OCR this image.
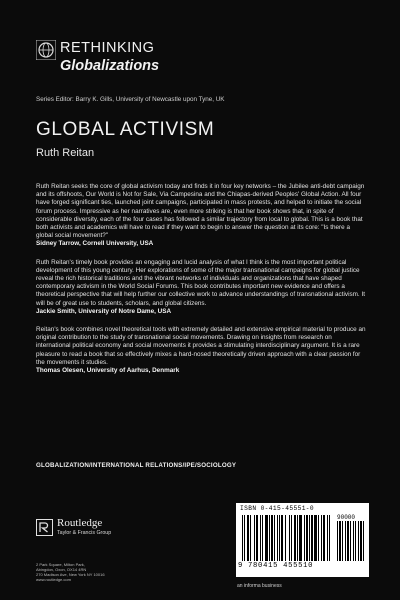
RETHINKING
Globalizations
Series Editor: Barry K. Gills, University of Newcastle upon Tyne, UK
GLOBAL ACTIVISM
Ruth Reitan

Ruth Reitan seeks the core of global activism today and finds it in four key networks – the Jubilee anti-debt campaign and its offshoots, Our World is Not for Sale, Via Campesina and the Chiapas-derived Peoples' Global Action. All four have forged significant ties, launched joint campaigns, participated in mass protests, and helped to initiate the social forum process. Impressive as her narratives are, even more striking is that her book shows that, in spite of considerable diversity, each of the four cases has followed a similar trajectory from local to global. This is a book that both activists and academics will have to read if they want to begin to answer the question at its core: "Is there a global social movement?"

Sidney Tarrow, Cornell University, USA

Ruth Reitan's timely book provides an engaging and lucid analysis of what I think is the most important political development of this young century. Her explorations of some of the major transnational campaigns for global justice reveal the rich historical traditions and the vibrant networks of individuals and organizations that have shaped contemporary activism in the World Social Forums. This book contributes important new evidence and offers a theoretical perspective that will help further our collective work to advance understandings of transnational activism. It will be of great use to students, scholars, and global citizens.

Jackie Smith, University of Notre Dame, USA

Reitan's book combines novel theoretical tools with extremely detailed and extensive empirical material to produce an original contribution to the study of transnational social movements. Drawing on insights from research on international political economy and social movements it provides a stimulating interdisciplinary argument. It is a rare pleasure to read a book that so effectively mixes a hard-nosed theoretically driven approach with a clear passion for the movements it studies.

Thomas Olesen, University of Aarhus, Denmark

GLOBALIZATION/INTERNATIONAL RELATIONS/IPE/SOCIOLOGY
Routledge
Taylor & Francis Group
2 Park Square, Milton Park,
Abingdon, Oxon, OX14 4RN
270 Madison Ave, New York NY 10016
www.routledge.com
ISBN 0-415-45551-0
90000
9 780415 455510
an informa business
